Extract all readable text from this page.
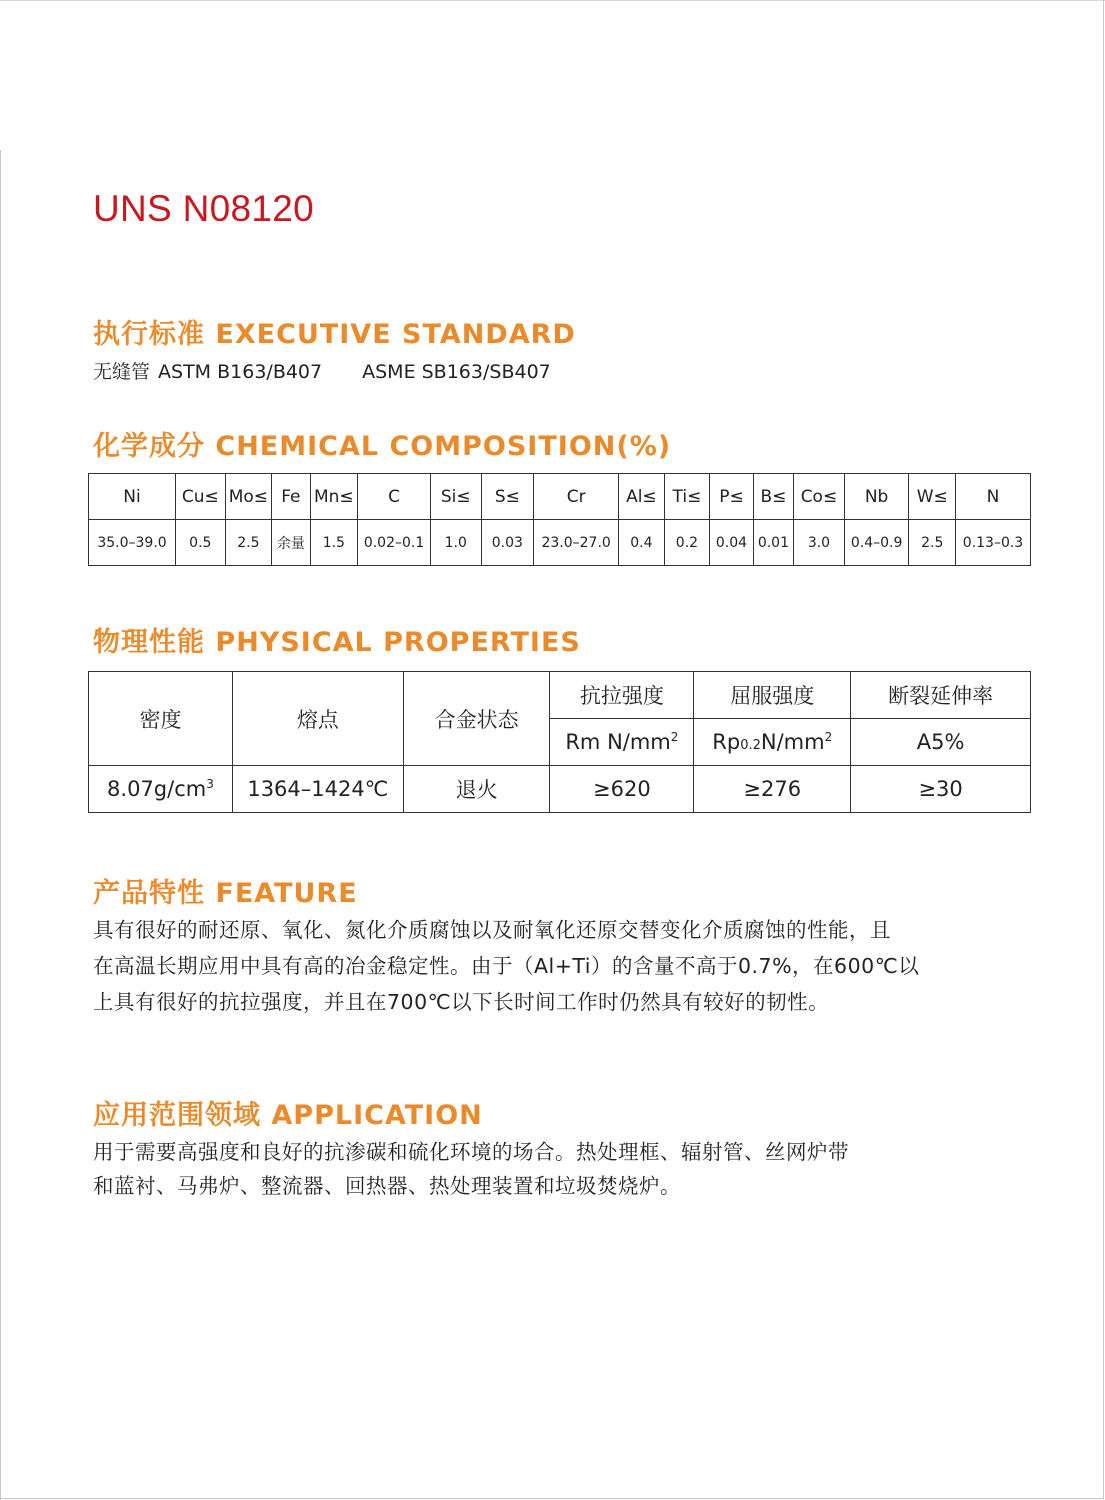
UNS N08120
执行标准 EXECUTIVE STANDARD
无缝管 ASTM B163/B407 ASME SB163/SB407
化学成分 CHEMICAL COMPOSITION(%)
Ni	Cu≤	Mo≤	Fe	Mn≤	C	Si≤	S≤	Cr	Al≤	Ti≤	P≤	B≤	Co≤	Nb	W≤	N
35.0–39.0	0.5	2.5	余量	1.5	0.02–0.1	1.0	0.03	23.0–27.0	0.4	0.2	0.04	0.01	3.0	0.4–0.9	2.5	0.13–0.3
物理性能 PHYSICAL PROPERTIES
密度	熔点	合金状态	抗拉强度	屈服强度	断裂延伸率
			Rm $N/mm^2$	$Rp0.2N/mm^2$	A5%
$8.07g/cm^3$	1364–1424℃	退火	≥620	≥276	≥30
产品特性 FEATURE
具有很好的耐还原、氧化、氮化介质腐蚀以及耐氧化还原交替变化介质腐蚀的性能，且
在高温长期应用中具有高的冶金稳定性。由于（Al+Ti）的含量不高于0.7%，在600℃以
上具有很好的抗拉强度，并且在700℃以下长时间工作时仍然具有较好的韧性。
应用范围领域 APPLICATION
用于需要高强度和良好的抗渗碳和硫化环境的场合。热处理框、辐射管、丝网炉带
和蓝衬、马弗炉、整流器、回热器、热处理装置和垃圾焚烧炉。
